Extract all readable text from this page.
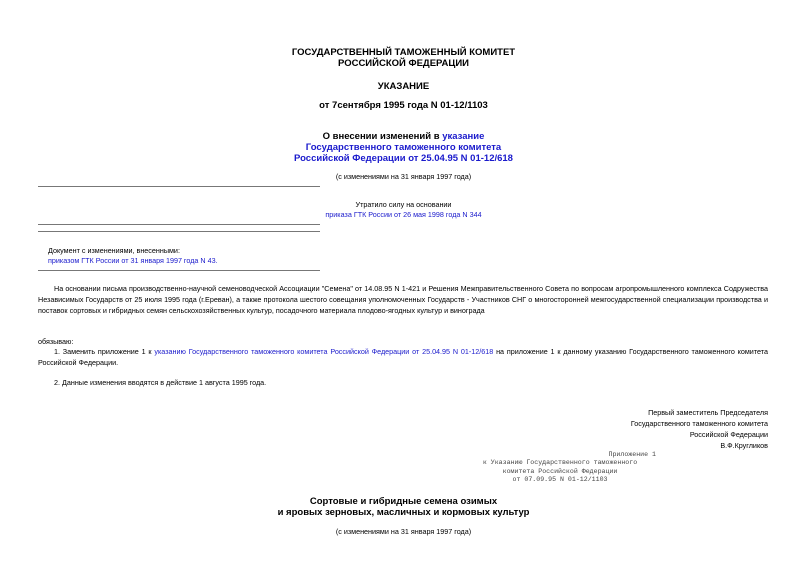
ГОСУДАРСТВЕННЫЙ ТАМОЖЕННЫЙ КОМИТЕТ
РОССИЙСКОЙ ФЕДЕРАЦИИ
УКАЗАНИЕ
от 7сентября 1995 года N 01-12/1103
О внесении изменений в указание
Государственного таможенного комитета
Российской Федерации от 25.04.95 N 01-12/618
(с изменениями на 31 января 1997 года)
Утратило силу на основании
приказа ГТК России от 26 мая 1998 года N 344
Документ с изменениями, внесенными:
приказом ГТК России от 31 января 1997 года N 43.

На основании письма производственно-научной семеноводческой Ассоциации "Семена" от 14.08.95 N 1-421 и Решения Межправительственного Совета по вопросам агропромышленного комплекса Содружества Независимых Государств от 25 июля 1995 года (г.Ереван), а также протокола шестого совещания уполномоченных Государств - Участников СНГ о многосторонней межгосударственной специализации производства и поставок сортовых и гибридных семян сельскохозяйственных культур, посадочного материала плодово-ягодных культур и винограда

обязываю:

1. Заменить приложение 1 к указанию Государственного таможенного комитета Российской Федерации от 25.04.95 N 01-12/618 на приложение 1 к данному указанию Государственного таможенного комитета Российской Федерации.

2. Данные изменения вводятся в действие 1 августа 1995 года.

Первый заместитель Председателя
Государственного таможенного комитета
Российской Федерации
В.Ф.Кругликов
Приложение 1
к Указанию Государственного таможенного
комитета Российской Федерации
от 07.09.95 N 01-12/1103
Сортовые и гибридные семена озимых
и яровых зерновых, масличных и кормовых культур
(с изменениями на 31 января 1997 года)
